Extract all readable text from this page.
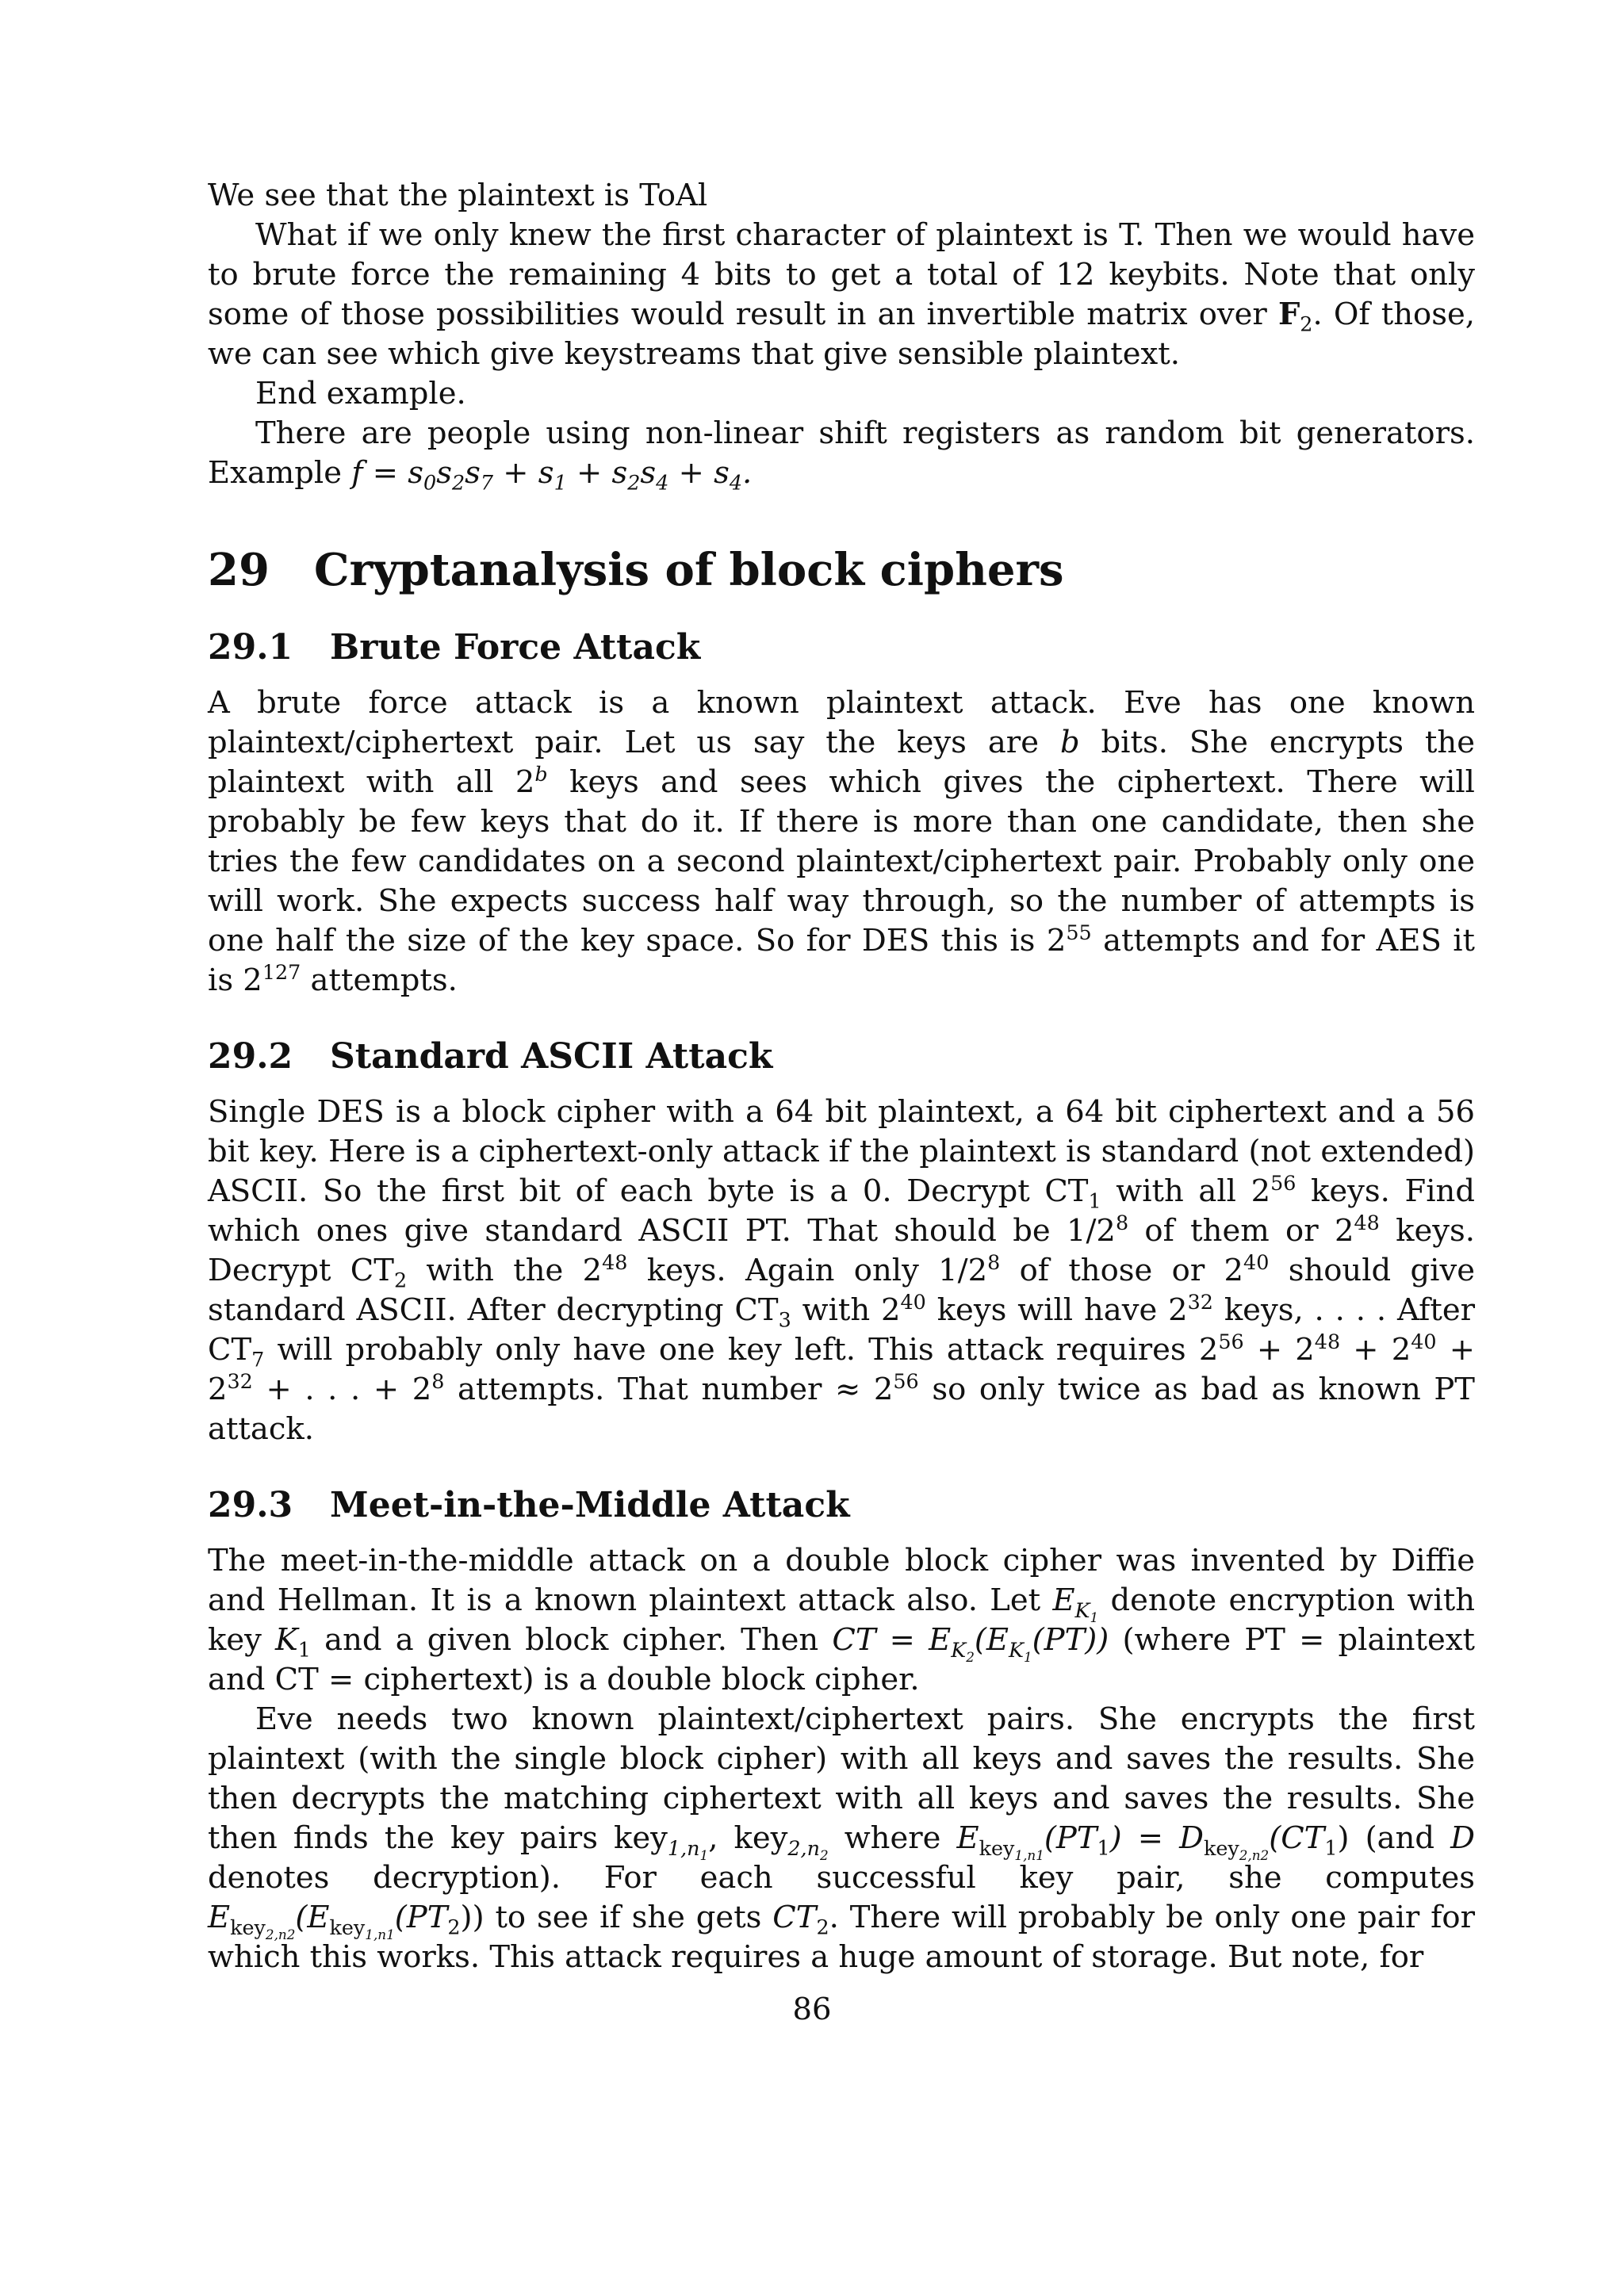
We see that the plaintext is ToAl

What if we only knew the first character of plaintext is T. Then we would have to brute force the remaining 4 bits to get a total of 12 keybits. Note that only some of those possibilities would result in an invertible matrix over $F_2$. Of those, we can see which give keystreams that give sensible plaintext.

End example.

There are people using non-linear shift registers as random bit generators. Example $f = s_0s_2s_7 + s_1 + s_2s_4 + s_4$.

29 Cryptanalysis of block ciphers
29.1 Brute Force Attack

A brute force attack is a known plaintext attack. Eve has one known plaintext/ciphertext pair. Let us say the keys are b bits. She encrypts the plaintext with all 2$^b$ keys and sees which gives the ciphertext. There will probably be few keys that do it. If there is more than one candidate, then she tries the few candidates on a second plaintext/ciphertext pair. Probably only one will work. She expects success half way through, so the number of attempts is one half the size of the key space. So for DES this is $2^{55}$ attempts and for AES it is $2^{127}$ attempts.

29.2 Standard ASCII Attack

Single DES is a block cipher with a 64 bit plaintext, a 64 bit ciphertext and a 56 bit key. Here is a ciphertext-only attack if the plaintext is standard (not extended) ASCII. So the first bit of each byte is a 0. Decrypt $CT_1$ with all $2^{56}$ keys. Find which ones give standard ASCII PT. That should be $1/2^8$ of them or $2^{48}$ keys. Decrypt $CT_2$ with the $2^{48}$ keys. Again only $1/2^8$ of those or $2^{40}$ should give standard ASCII. After decrypting $CT_3$ with $2^{40}$ keys will have $2^{32}$ keys, . . . . After $CT_7$ will probably only have one key left. This attack requires $2^{56} + 2^{48} + 2^{40} + 2^{32}$ + . . . + $2^8$ attempts. That number ≈ $2^{56}$ so only twice as bad as known PT attack.

29.3 Meet-in-the-Middle Attack

The meet-in-the-middle attack on a double block cipher was invented by Diffie and Hellman. It is a known plaintext attack also. Let $E_{K_1}$ denote encryption with key $K_1$ and a given block cipher. Then CT = $E_{K_2}(E_{K_1}(PT))$ (where PT = plaintext and CT = ciphertext) is a double block cipher.

Eve needs two known plaintext/ciphertext pairs. She encrypts the first plaintext (with the single block cipher) with all keys and saves the results. She then decrypts the matching ciphertext with all keys and saves the results. She then finds the key pairs key$_{1,n_1}$, key$_{2,n_2}$ where $E_{key_{1,n1}}(PT_1) = D_{key_{2,n2}}(CT_1)$ (and D denotes decryption). For each successful key pair, she computes $E_{key_{2,n2}}(E_{key_{1,n1}}(PT_2))$ to see if she gets $CT_2$. There will probably be only one pair for which this works. This attack requires a huge amount of storage. But note, for

86
